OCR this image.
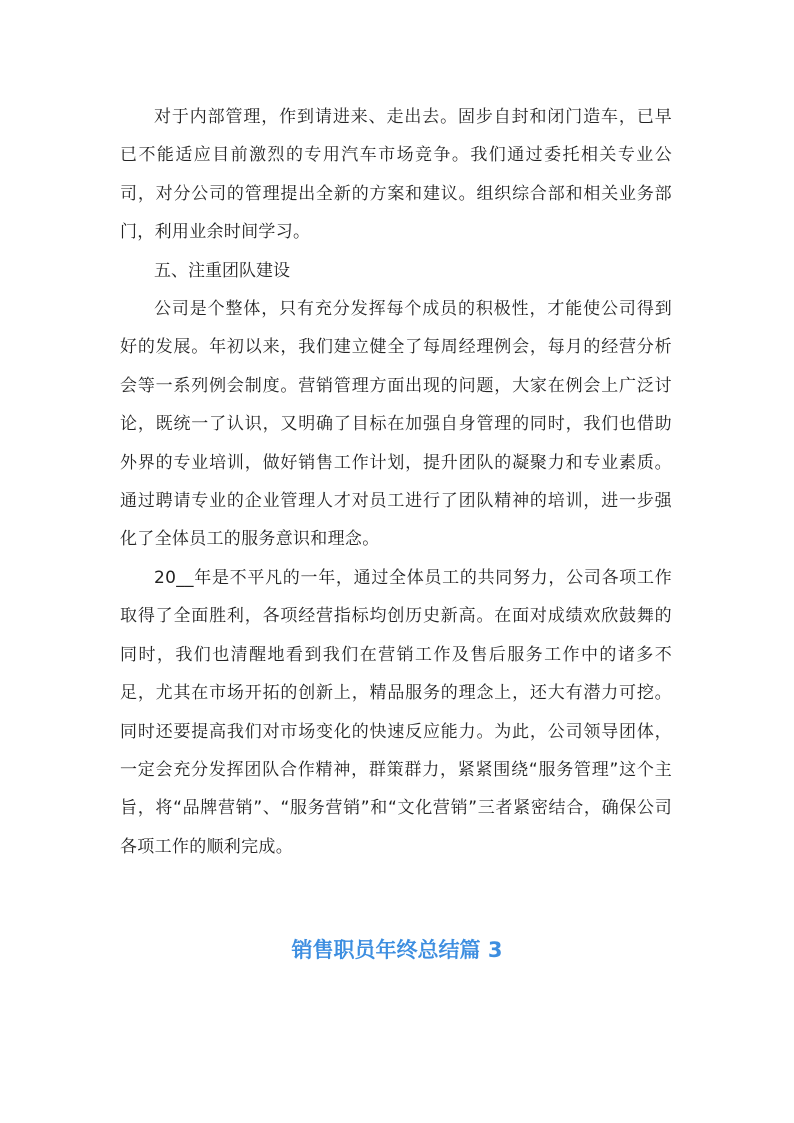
对于内部管理，作到请进来、走出去。固步自封和闭门造车，已早已不能适应目前激烈的专用汽车市场竞争。我们通过委托相关专业公司，对分公司的管理提出全新的方案和建议。组织综合部和相关业务部门，利用业余时间学习。

五、注重团队建设

公司是个整体，只有充分发挥每个成员的积极性，才能使公司得到好的发展。年初以来，我们建立健全了每周经理例会，每月的经营分析会等一系列例会制度。营销管理方面出现的问题，大家在例会上广泛讨论，既统一了认识，又明确了目标在加强自身管理的同时，我们也借助外界的专业培训，做好销售工作计划，提升团队的凝聚力和专业素质。通过聘请专业的企业管理人才对员工进行了团队精神的培训，进一步强化了全体员工的服务意识和理念。

20__年是不平凡的一年，通过全体员工的共同努力，公司各项工作取得了全面胜利，各项经营指标均创历史新高。在面对成绩欢欣鼓舞的同时，我们也清醒地看到我们在营销工作及售后服务工作中的诸多不足，尤其在市场开拓的创新上，精品服务的理念上，还大有潜力可挖。同时还要提高我们对市场变化的快速反应能力。为此，公司领导团体，一定会充分发挥团队合作精神，群策群力，紧紧围绕“服务管理”这个主旨，将“品牌营销”、“服务营销”和“文化营销”三者紧密结合，确保公司各项工作的顺利完成。

销售职员年终总结篇 3
